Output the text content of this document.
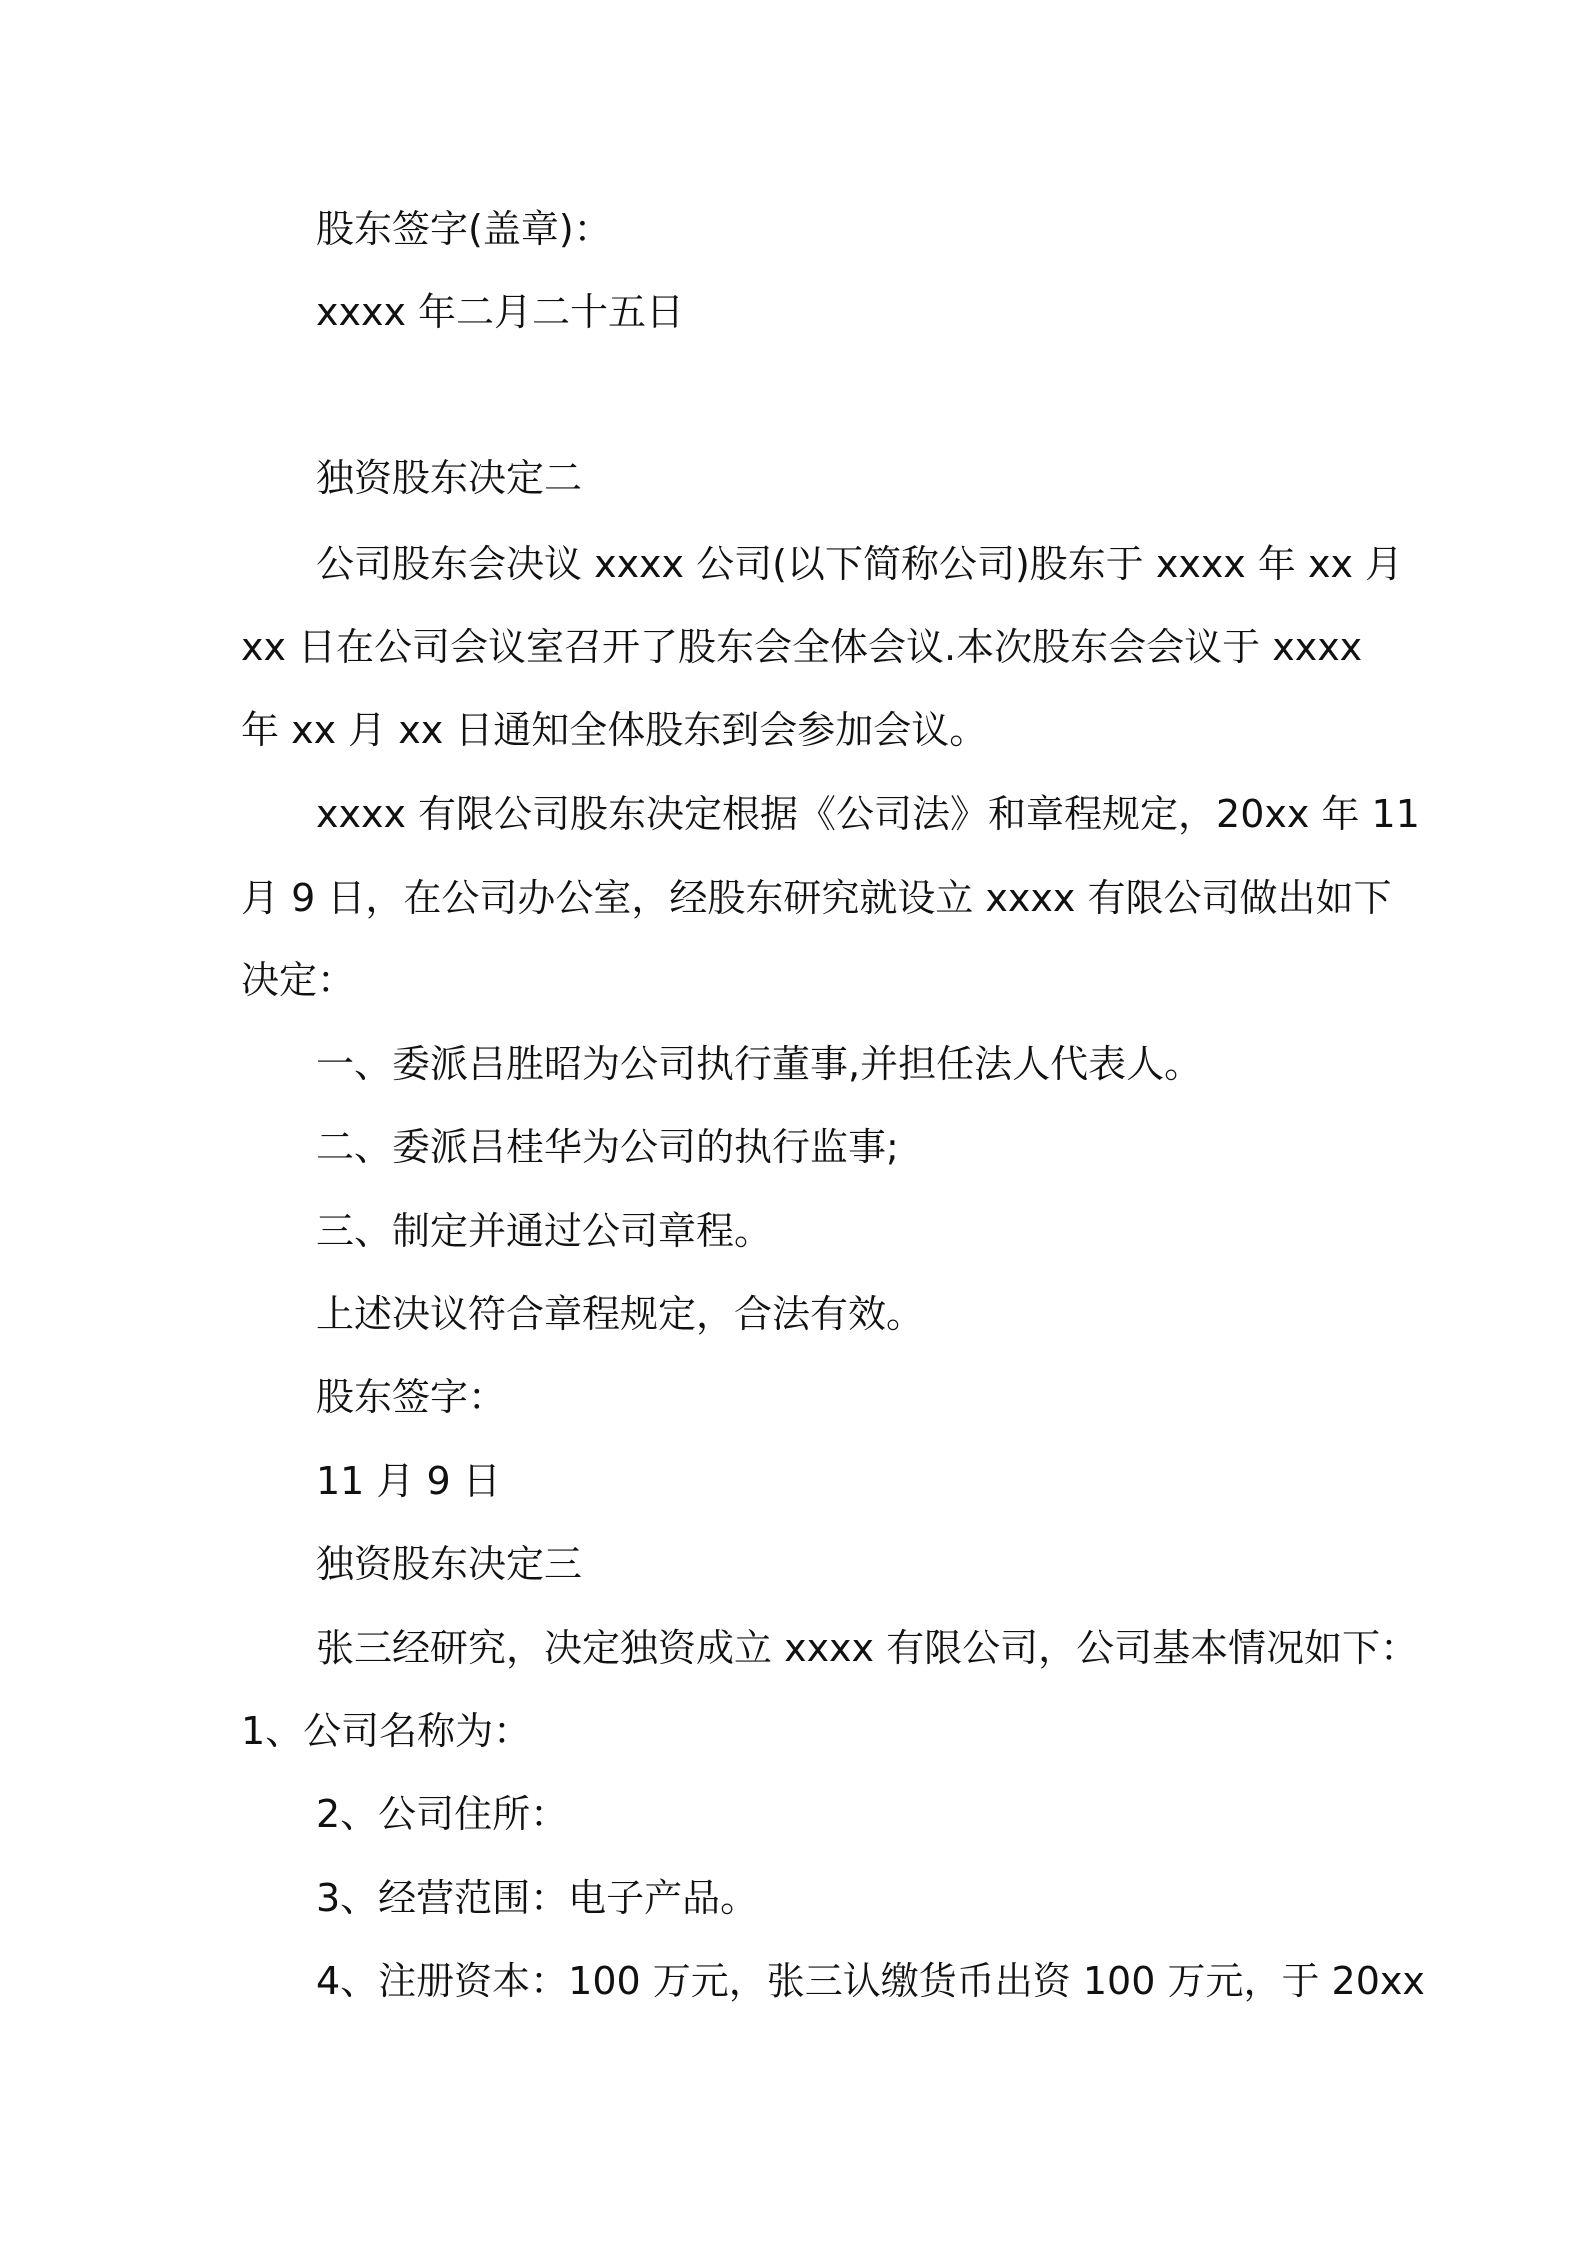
股东签字(盖章)：
xxxx 年二月二十五日
独资股东决定二
公司股东会决议 xxxx 公司(以下简称公司)股东于 xxxx 年 xx 月
xx 日在公司会议室召开了股东会全体会议.本次股东会会议于 xxxx
年 xx 月 xx 日通知全体股东到会参加会议。
xxxx 有限公司股东决定根据《公司法》和章程规定，20xx 年 11
月 9 日，在公司办公室，经股东研究就设立 xxxx 有限公司做出如下
决定：
一、委派吕胜昭为公司执行董事,并担任法人代表人。
二、委派吕桂华为公司的执行监事;
三、制定并通过公司章程。
上述决议符合章程规定，合法有效。
股东签字：
11 月 9 日
独资股东决定三
张三经研究，决定独资成立 xxxx 有限公司，公司基本情况如下：
1、公司名称为：
2、公司住所：
3、经营范围：电子产品。
4、注册资本：100 万元，张三认缴货币出资 100 万元，于 20xx
